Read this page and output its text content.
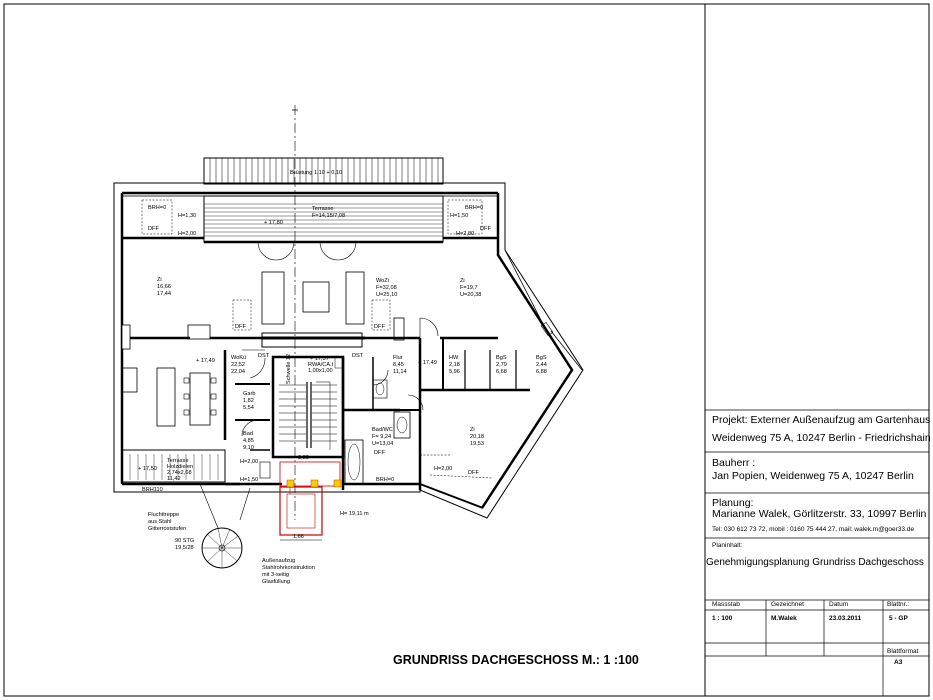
Zi
16,66
17,44
WoZi
F=32,08
U=25,10
Zi
F=19,7
U=20,38
WoKü
22,52
22,04
RWA/CA.t
1,00x1,00
Flur
8,45
11,14
HW
2,18
5,96
BgS
2,79
6,68
BgS
2,44
6,88
Garb
1,82
5,54
Bad
4,85
9,10
Bad/WC
F= 9,24
U=13,04
Zi
20,18
19,53
Terrasse
F=14,15/7,08
Terrasse
Holzdielen
2,74x2,68
11,42
Brüstung 1,10 + 0,10
BRH=0
H=1,30
DFF
H=2,00
BRH=0
H=1,50
DFF
H=2,80
+ 17,80
DFF	DFF
+ 17,49	+ 17,37
+ 17,49
DST	DST
Schwelle 12
+ 17,50
H=2,00
H=1,50
DFF
BRH=0
BRH110
H=2,00
DFF
H= 19,11 m
2,88
1,66
Fluchttreppe
aus Stahl
Gitterroststufen
90 STG
19,5/28
Außenaufzug
Stahlrohrkonstruktion
mit 3-seitig
Glasfüllung
GRUNDRISS DACHGESCHOSS M.: 1 :100
Projekt: Externer Außenaufzug am Gartenhaus
Weidenweg 75 A, 10247 Berlin - Friedrichshain
Bauherr :
Jan Popien, Weidenweg 75 A, 10247 Berlin
Planung:
Marianne Walek, Görlitzerstr. 33, 10997 Berlin
Tel: 030 612 73 72, mobil : 0160 75 444 27, mail: walek.m@goer33.de
Planinhalt:
Genehmigungsplanung Grundriss Dachgeschoss
Massstab	Gezeichnet	Datum	Blattnr.:
1 : 100	M.Walek	23.03.2011	5 - GP
Blattformat
A3
